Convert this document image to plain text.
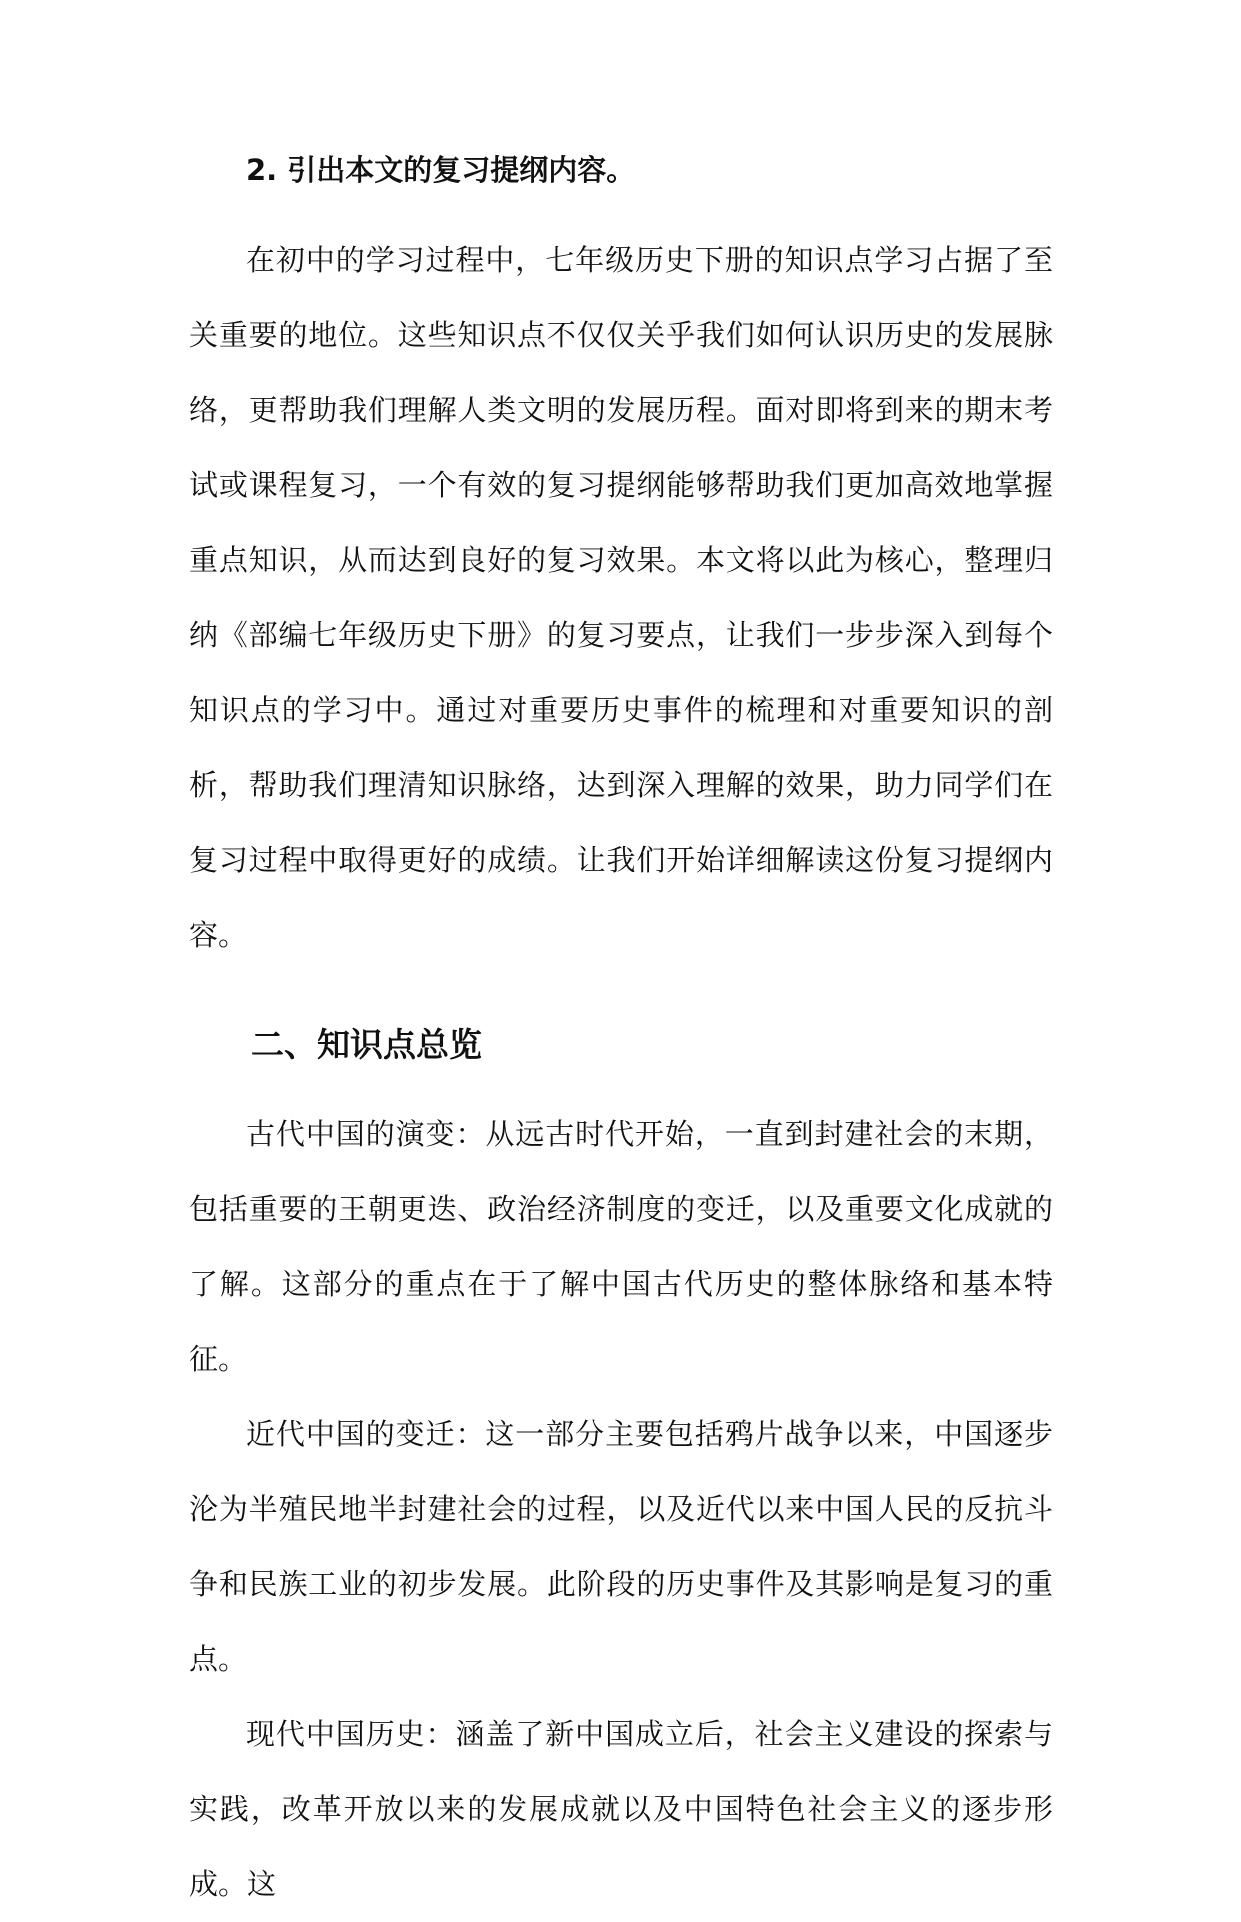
2. 引出本文的复习提纲内容。

在初中的学习过程中，七年级历史下册的知识点学习占据了至关重要的地位。这些知识点不仅仅关乎我们如何认识历史的发展脉络，更帮助我们理解人类文明的发展历程。面对即将到来的期末考试或课程复习，一个有效的复习提纲能够帮助我们更加高效地掌握重点知识，从而达到良好的复习效果。本文将以此为核心，整理归纳《部编七年级历史下册》的复习要点，让我们一步步深入到每个知识点的学习中。通过对重要历史事件的梳理和对重要知识的剖析，帮助我们理清知识脉络，达到深入理解的效果，助力同学们在复习过程中取得更好的成绩。让我们开始详细解读这份复习提纲内容。

二、知识点总览

古代中国的演变：从远古时代开始，一直到封建社会的末期，包括重要的王朝更迭、政治经济制度的变迁，以及重要文化成就的了解。这部分的重点在于了解中国古代历史的整体脉络和基本特征。

近代中国的变迁：这一部分主要包括鸦片战争以来，中国逐步沦为半殖民地半封建社会的过程，以及近代以来中国人民的反抗斗争和民族工业的初步发展。此阶段的历史事件及其影响是复习的重点。

现代中国历史：涵盖了新中国成立后，社会主义建设的探索与实践，改革开放以来的发展成就以及中国特色社会主义的逐步形成。这
